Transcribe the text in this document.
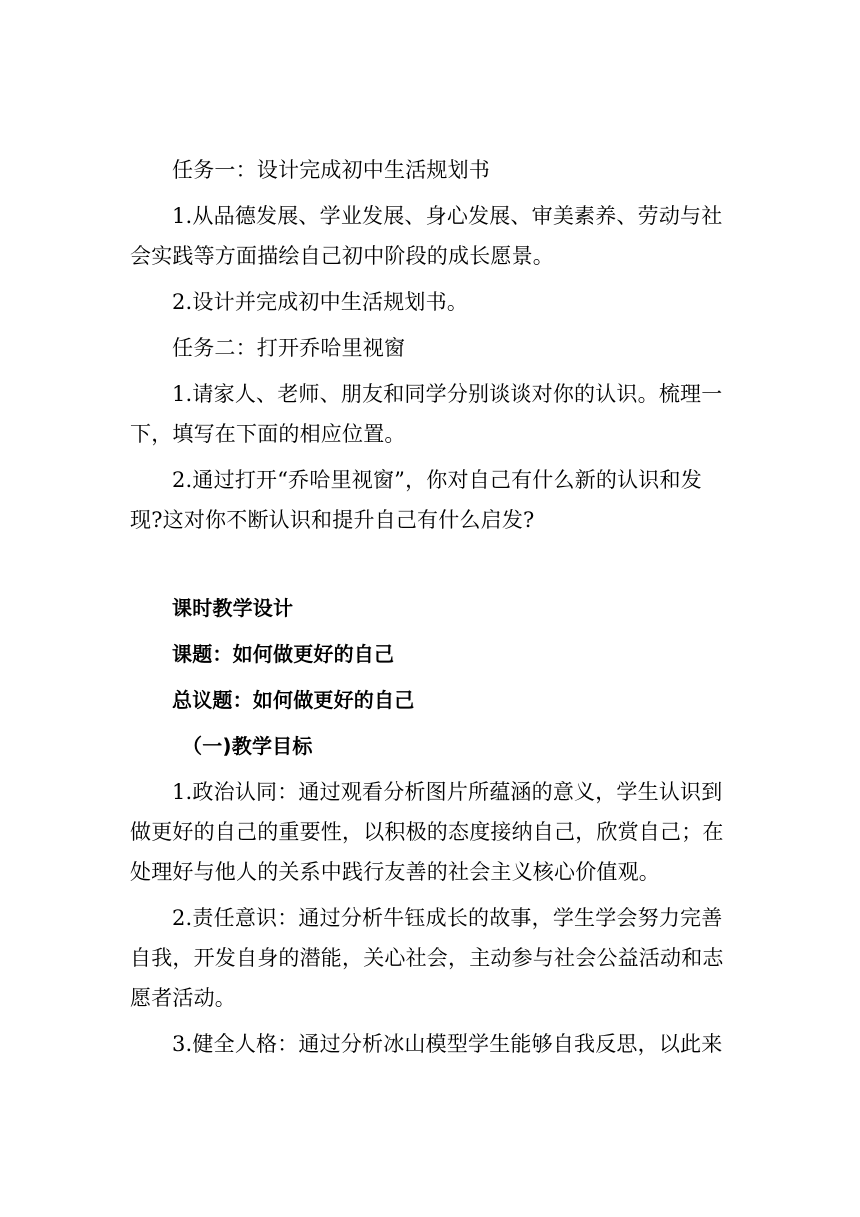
任务一：设计完成初中生活规划书

1.从品德发展、学业发展、身心发展、审美素养、劳动与社会实践等方面描绘自己初中阶段的成长愿景。

2.设计并完成初中生活规划书。

任务二：打开乔哈里视窗

1.请家人、老师、朋友和同学分别谈谈对你的认识。梳理一下，填写在下面的相应位置。

2.通过打开“乔哈里视窗”，你对自己有什么新的认识和发现?这对你不断认识和提升自己有什么启发?

课时教学设计

课题：如何做更好的自己

总议题：如何做更好的自己

（一)教学目标

1.政治认同：通过观看分析图片所蕴涵的意义，学生认识到做更好的自己的重要性，以积极的态度接纳自己，欣赏自己；在处理好与他人的关系中践行友善的社会主义核心价值观。

2.责任意识：通过分析牛钰成长的故事，学生学会努力完善自我，开发自身的潜能，关心社会，主动参与社会公益活动和志愿者活动。

3.健全人格：通过分析冰山模型学生能够自我反思，以此来
